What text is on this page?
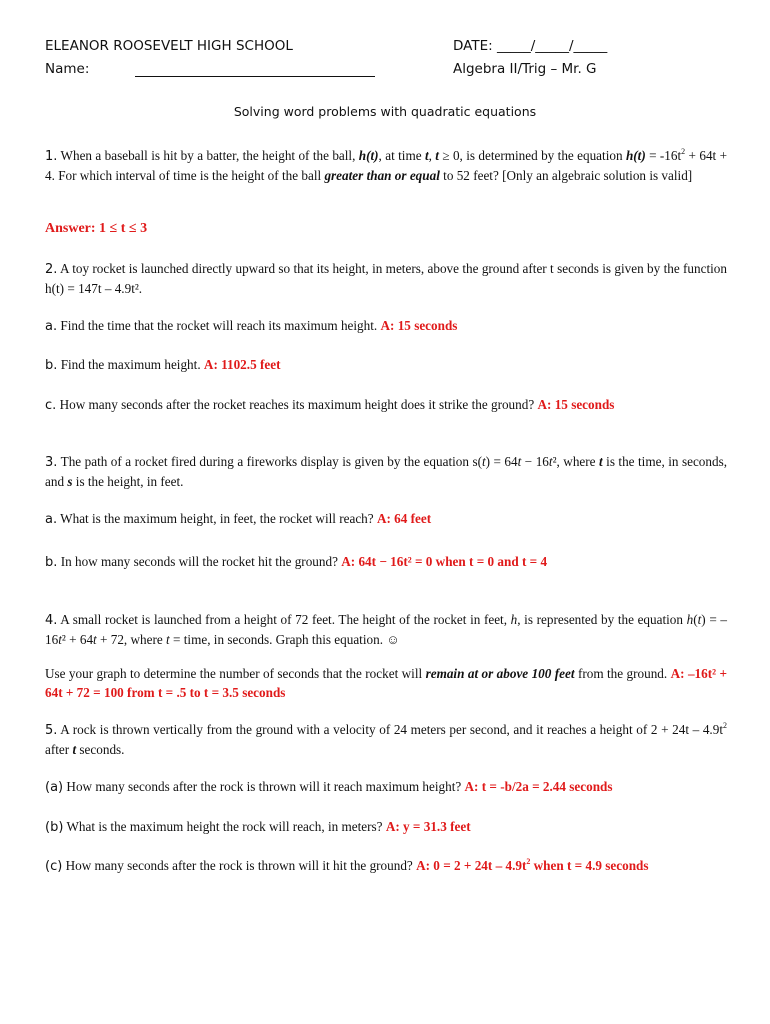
ELEANOR ROOSEVELT HIGH SCHOOL	DATE: _____/_____/_____
Name:	Algebra II/Trig – Mr. G
Solving word problems with quadratic equations
1. When a baseball is hit by a batter, the height of the ball, h(t), at time t, t ≥ 0, is determined by the equation $h(t) = -16t^2 + 64t + 4$. For which interval of time is the height of the ball greater than or equal to 52 feet? [Only an algebraic solution is valid]
Answer: 1 ≤ t ≤ 3
2. A toy rocket is launched directly upward so that its height, in meters, above the ground after t seconds is given by the function h(t) = 147t – 4.9t².
a. Find the time that the rocket will reach its maximum height. A: 15 seconds
b. Find the maximum height. A: 1102.5 feet
c. How many seconds after the rocket reaches its maximum height does it strike the ground? A: 15 seconds
3. The path of a rocket fired during a fireworks display is given by the equation s(t) = 64t − 16t², where t is the time, in seconds, and s is the height, in feet.
a. What is the maximum height, in feet, the rocket will reach? A: 64 feet
b. In how many seconds will the rocket hit the ground? A: 64t − 16t² = 0 when t = 0 and t = 4
4. A small rocket is launched from a height of 72 feet. The height of the rocket in feet, h, is represented by the equation h(t) = –16t² + 64t + 72, where t = time, in seconds. Graph this equation. ☺
Use your graph to determine the number of seconds that the rocket will remain at or above 100 feet from the ground. A: –16t² + 64t + 72 = 100 from t = .5 to t = 3.5 seconds
5. A rock is thrown vertically from the ground with a velocity of 24 meters per second, and it reaches a height of $2 + 24t - 4.9t^2$ after t seconds.
(a) How many seconds after the rock is thrown will it reach maximum height? A: t = -b/2a = 2.44 seconds
(b) What is the maximum height the rock will reach, in meters? A: y = 31.3 feet
(c) How many seconds after the rock is thrown will it hit the ground? A: $0 = 2 + 24t - 4.9t^2$ when t = 4.9 seconds
